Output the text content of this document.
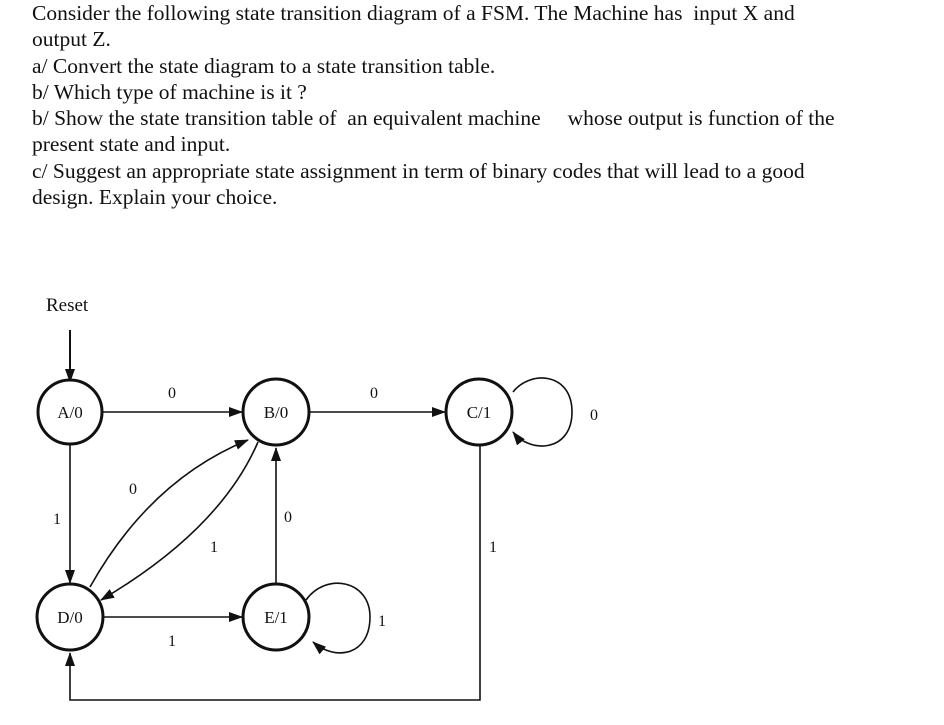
Consider the following state transition diagram of a FSM. The Machine has  input X and

output Z.

a/ Convert the state diagram to a state transition table.

b/ Which type of machine is it ?

b/ Show the state transition table of  an equivalent machine     whose output is function of the

present state and input.

c/ Suggest an appropriate state assignment in term of binary codes that will lead to a good

design. Explain your choice.

Reset
0	0
0
1
0
1
0
1
1
1
A/0	B/0	C/1
D/0	E/1
